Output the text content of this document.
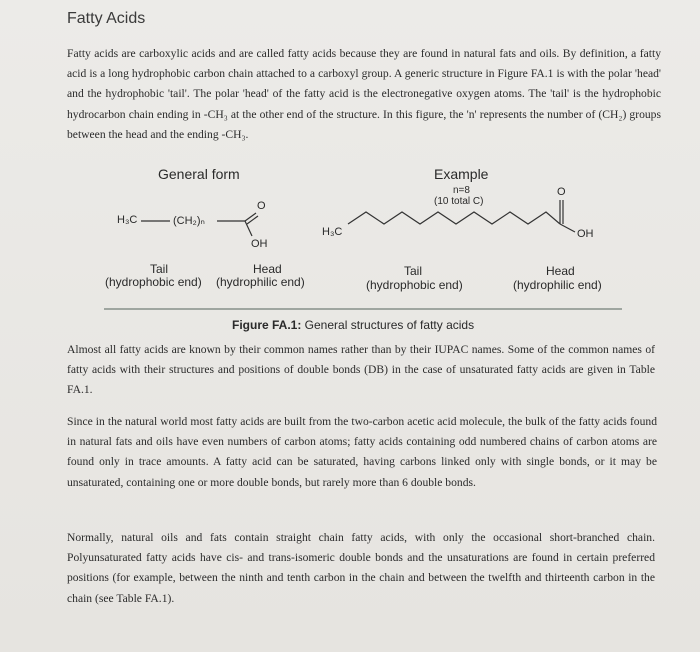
Fatty Acids
Fatty acids are carboxylic acids and are called fatty acids because they are found in natural fats and oils. By definition, a fatty acid is a long hydrophobic carbon chain attached to a carboxyl group. A generic structure in Figure FA.1 is with the polar 'head' and the hydrophobic 'tail'. The polar 'head' of the fatty acid is the electronegative oxygen atoms. The 'tail' is the hydrophobic hydrocarbon chain ending in -CH₃ at the other end of the structure. In this figure, the 'n' represents the number of (CH₂) groups between the head and the ending -CH₃.
General form	Example
H₃C	(CH₂)ₙ
O
OH
H₃C
n=8
(10 total C)
O
OH
Tail
(hydrophobic end)
Head
(hydrophilic end)
Tail
(hydrophobic end)
Head
(hydrophilic end)
Figure FA.1: General structures of fatty acids
Almost all fatty acids are known by their common names rather than by their IUPAC names. Some of the common names of fatty acids with their structures and positions of double bonds (DB) in the case of unsaturated fatty acids are given in Table FA.1.
Since in the natural world most fatty acids are built from the two-carbon acetic acid molecule, the bulk of the fatty acids found in natural fats and oils have even numbers of carbon atoms; fatty acids containing odd numbered chains of carbon atoms are found only in trace amounts. A fatty acid can be saturated, having carbons linked only with single bonds, or it may be unsaturated, containing one or more double bonds, but rarely more than 6 double bonds.
Normally, natural oils and fats contain straight chain fatty acids, with only the occasional short-branched chain. Polyunsaturated fatty acids have cis- and trans-isomeric double bonds and the unsaturations are found in certain preferred positions (for example, between the ninth and tenth carbon in the chain and between the twelfth and thirteenth carbon in the chain (see Table FA.1).
